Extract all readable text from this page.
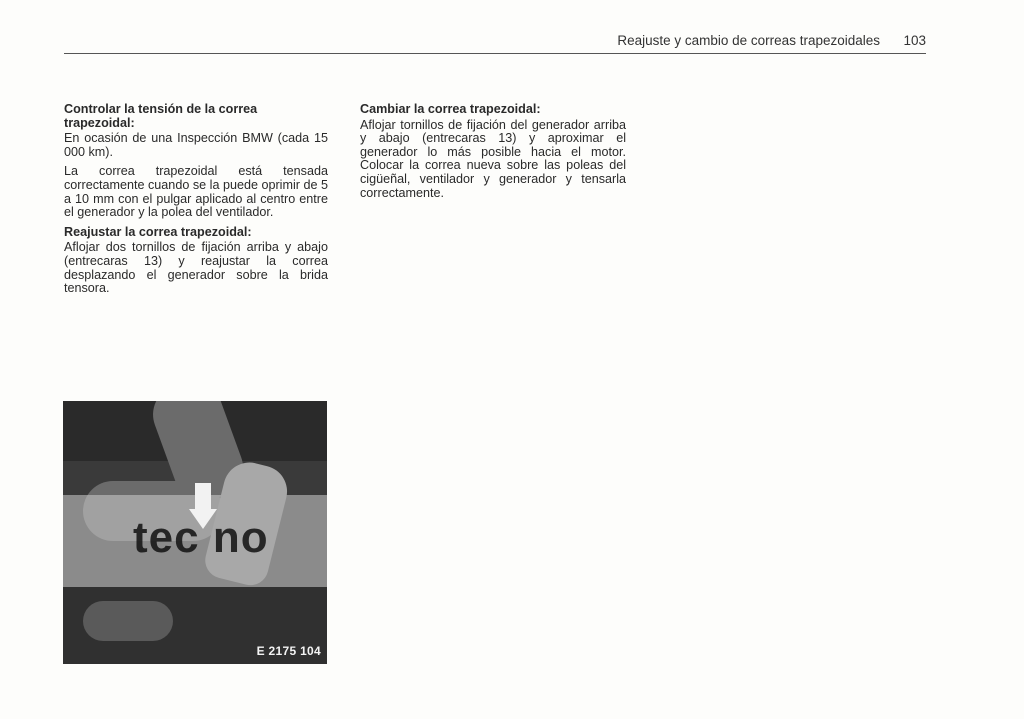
Reajuste y cambio de correas trapezoidales 103

Controlar la tensión de la correa trapezoidal:

En ocasión de una Inspección BMW (cada 15 000 km).

La correa trapezoidal está tensada correctamente cuando se la puede oprimir de 5 a 10 mm con el pulgar aplicado al centro entre el generador y la polea del ventilador.

Reajustar la correa trapezoidal:

Aflojar dos tornillos de fijación arriba y abajo (entrecaras 13) y reajustar la correa desplazando el generador sobre la brida tensora.

Cambiar la correa trapezoidal:

Aflojar tornillos de fijación del generador arriba y abajo (entrecaras 13) y aproximar el generador lo más posible hacia el motor. Colocar la correa nueva sobre las poleas del cigüeñal, ventilador y generador y tensarla correctamente.

tec no
E 2175 104
